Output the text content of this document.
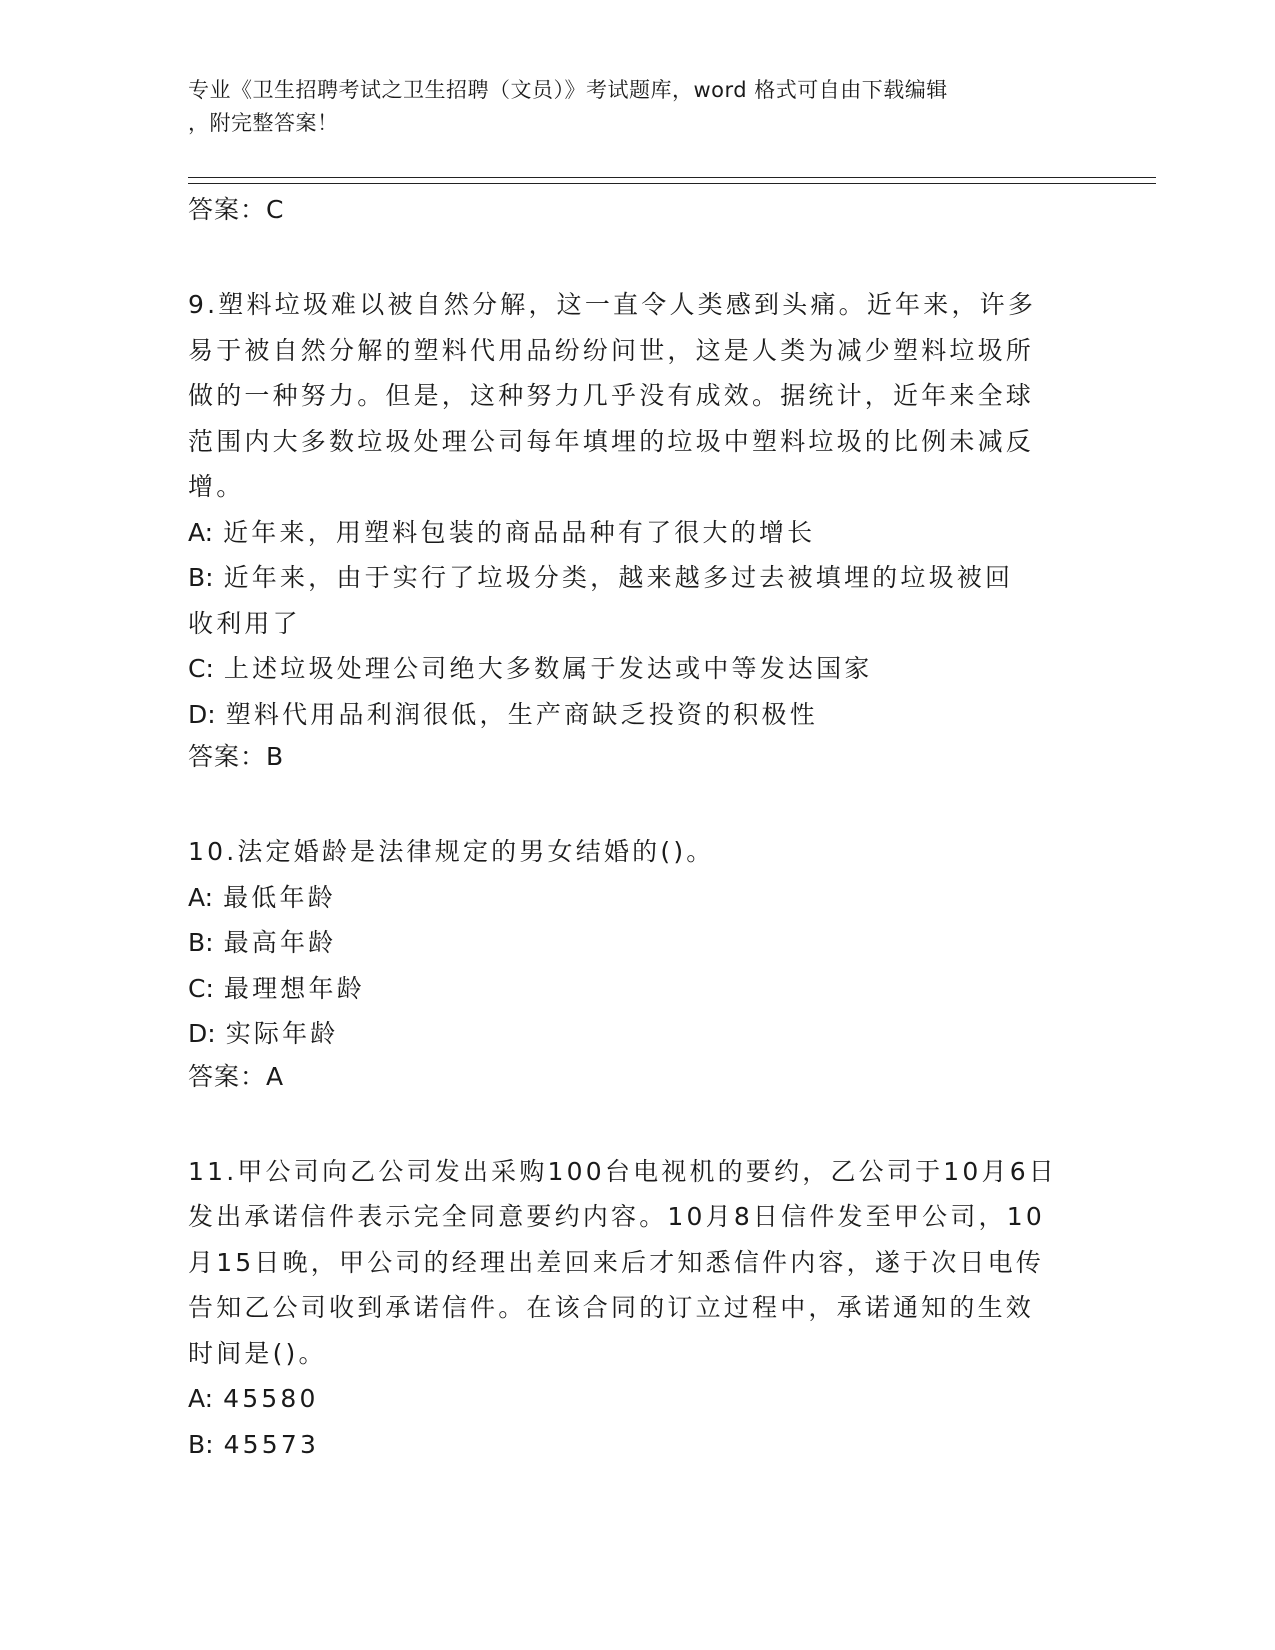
专业《卫生招聘考试之卫生招聘（文员）》考试题库，word 格式可自由下载编辑
，附完整答案！
答案：C
9.塑料垃圾难以被自然分解，这一直令人类感到头痛。近年来，许多易于被自然分解的塑料代用品纷纷问世，这是人类为减少塑料垃圾所做的一种努力。但是，这种努力几乎没有成效。据统计，近年来全球范围内大多数垃圾处理公司每年填埋的垃圾中塑料垃圾的比例未减反增。
A: 近年来，用塑料包装的商品品种有了很大的增长
B: 近年来，由于实行了垃圾分类，越来越多过去被填埋的垃圾被回收利用了
C: 上述垃圾处理公司绝大多数属于发达或中等发达国家
D: 塑料代用品利润很低，生产商缺乏投资的积极性
答案：B
10.法定婚龄是法律规定的男女结婚的()。
A: 最低年龄
B: 最高年龄
C: 最理想年龄
D: 实际年龄
答案：A
11.甲公司向乙公司发出采购100台电视机的要约，乙公司于10月6日发出承诺信件表示完全同意要约内容。10月8日信件发至甲公司，10月15日晚，甲公司的经理出差回来后才知悉信件内容，遂于次日电传告知乙公司收到承诺信件。在该合同的订立过程中，承诺通知的生效时间是()。
A: 45580
B: 45573
